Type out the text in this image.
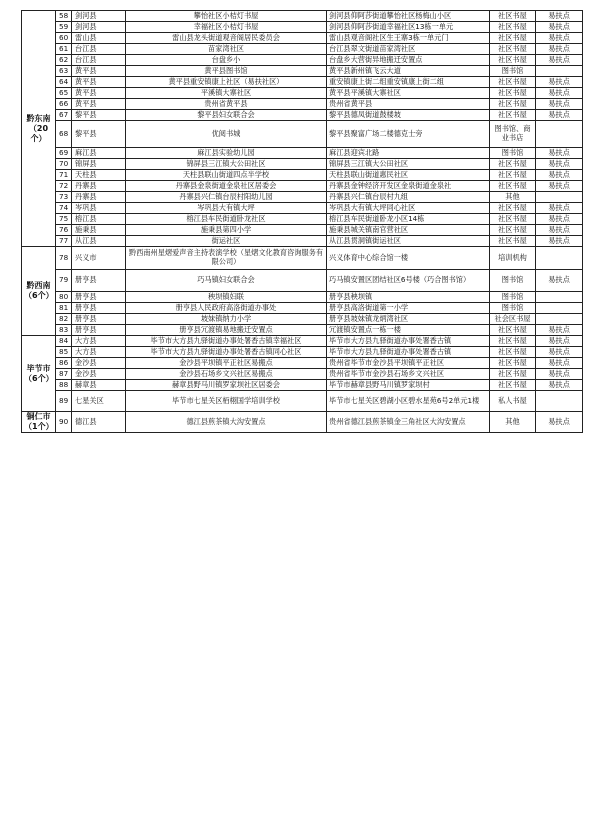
黔东南
（20个）	58	剑河县	攀怡社区小桔灯书屋	剑河县仰阿莎街道攀怡社区杨梅山小区	社区书屋	易扶点
	59	剑河县	幸福社区小桔灯书屋	剑河县仰阿莎街道幸福社区13栋一单元	社区书屋	易扶点
	60	雷山县	雷山县龙头街道观音阁居民委员会	雷山县观音阁社区生王寨3栋一单元门	社区书屋	易扶点
	61	台江县	苗家湾社区	台江县翠文街道苗家湾社区	社区书屋	易扶点
	62	台江县	台盘乡小	台盘乡大营街异地搬迁安置点	社区书屋	易扶点
	63	黄平县	黄平县图书馆	黄平县新州镇飞云大道	图书馆	
	64	黄平县	黄平县重安镇康上社区（易扶社区）	重安镇康上街二组重安镇康上街二组	社区书屋	易扶点
	65	黄平县	平溪镇大寨社区	黄平县平溪镇大寨社区	社区书屋	易扶点
	66	黄平县	贵州省黄平县	贵州省黄平县	社区书屋	易扶点
	67	黎平县	黎平县妇女联合会	黎平县德凤街道鼓楼坡	社区书屋	易扶点
	68	黎平县	优阅书城	黎平县聚富广场二楼德克士旁	图书馆、商业书店	
	69	麻江县	麻江县实验幼儿园	麻江县迎宾北路	图书馆	易扶点
	70	锦屏县	锦屏县三江镇大公田社区	锦屏县三江镇大公田社区	社区书屋	易扶点
	71	天柱县	天柱县联山街道四点半学校	天柱县联山街道惠民社区	社区书屋	易扶点
	72	丹寨县	丹寨县金泉街道金泉社区居委会	丹寨县金钟经济开发区金泉街道金泉社	社区书屋	易扶点
	73	丹寨县	丹寨县兴仁镇台辰村阳幼儿园	丹寨县兴仁镇台辰村九组	其他	
	74	岑巩县	岑巩县大有镇大坪	岑巩县大有镇大坪同心社区	社区书屋	易扶点
	75	榕江县	榕江县车民街道卧龙社区	榕江县车民街道卧龙小区14栋	社区书屋	易扶点
	76	施秉县	施秉县第四小学	施秉县城关镇南官营社区	社区书屋	易扶点
	77	从江县	街运社区	从江县贯洞镇街运社区	社区书屋	易扶点
黔西南
（6个）	78	兴义市	黔西南州星熠爱声音主持表演学校（星熠文化教育咨询服务有限公司）	兴义体育中心综合馆一楼	培训机构	
	79	册亨县	巧马镇妇女联合会	巧马镇安置区团结社区6号楼（巧合图书馆）	图书馆	易扶点
	80	册亨县	秧坝镇妇联	册亨县秧坝镇	图书馆	
	81	册亨县	册亨县人民政府高洛街道办事处	册亨县高洛街道第一小学	图书馆	
	82	册亨县	坡妹镇纳力小学	册亨县坡妹镇龙炳湾社区	社会区书屋	
	83	册亨县	册亨县冗渡镇易地搬迁安置点	冗渡镇安置点一栋一楼	社区书屋	易扶点
毕节市
（6个）	84	大方县	毕节市大方县九驿街道办事处署香古镇幸福社区	毕节市大方县九驿街道办事处署香古镇	社区书屋	易扶点
	85	大方县	毕节市大方县九驿街道办事处署香古镇同心社区	毕节市大方县九驿街道办事处署香古镇	社区书屋	易扶点
	86	金沙县	金沙县平坝镇平正社区易搬点	贵州省毕节市金沙县平坝镇平正社区	社区书屋	易扶点
	87	金沙县	金沙县石场乡文兴社区易搬点	贵州省毕节市金沙县石场乡文兴社区	社区书屋	易扶点
	88	赫章县	赫章县野马川镇罗家坝社区居委会	毕节市赫章县野马川镇罗家坝村	社区书屋	易扶点
	89	七星关区	毕节市七星关区栢栩国学培训学校	毕节市七星关区碧湖小区碧水星苑6号2单元1楼	私人书屋	
铜仁市
（1个）	90	德江县	德江县煎茶镇大沟安置点	贵州省德江县煎茶镇金三角社区大沟安置点	其他	易扶点
